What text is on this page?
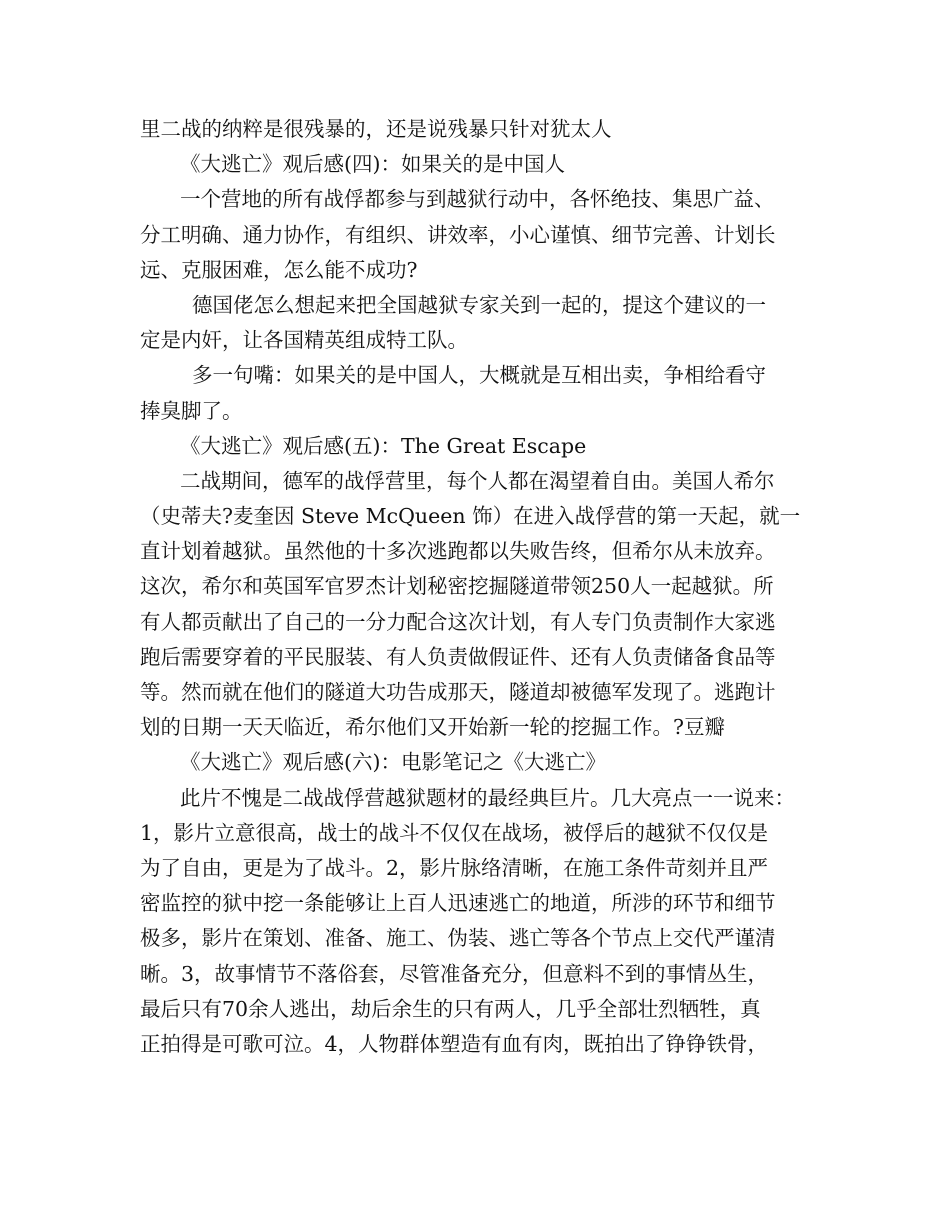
里二战的纳粹是很残暴的，还是说残暴只针对犹太人
《大逃亡》观后感(四)：如果关的是中国人
一个营地的所有战俘都参与到越狱行动中，各怀绝技、集思广益、
分工明确、通力协作，有组织、讲效率，小心谨慎、细节完善、计划长
远、克服困难，怎么能不成功?
德国佬怎么想起来把全国越狱专家关到一起的，提这个建议的一
定是内奸，让各国精英组成特工队。
多一句嘴：如果关的是中国人，大概就是互相出卖，争相给看守
捧臭脚了。
《大逃亡》观后感(五)：The Great Escape
二战期间，德军的战俘营里，每个人都在渴望着自由。美国人希尔
（史蒂夫?麦奎因 Steve McQueen 饰）在进入战俘营的第一天起，就一
直计划着越狱。虽然他的十多次逃跑都以失败告终，但希尔从未放弃。
这次，希尔和英国军官罗杰计划秘密挖掘隧道带领250人一起越狱。所
有人都贡献出了自己的一分力配合这次计划，有人专门负责制作大家逃
跑后需要穿着的平民服装、有人负责做假证件、还有人负责储备食品等
等。然而就在他们的隧道大功告成那天，隧道却被德军发现了。逃跑计
划的日期一天天临近，希尔他们又开始新一轮的挖掘工作。?豆瓣
《大逃亡》观后感(六)：电影笔记之《大逃亡》
此片不愧是二战战俘营越狱题材的最经典巨片。几大亮点一一说来：
1，影片立意很高，战士的战斗不仅仅在战场，被俘后的越狱不仅仅是
为了自由，更是为了战斗。2，影片脉络清晰，在施工条件苛刻并且严
密监控的狱中挖一条能够让上百人迅速逃亡的地道，所涉的环节和细节
极多，影片在策划、准备、施工、伪装、逃亡等各个节点上交代严谨清
晰。3，故事情节不落俗套，尽管准备充分，但意料不到的事情丛生，
最后只有70余人逃出，劫后余生的只有两人，几乎全部壮烈牺牲，真
正拍得是可歌可泣。4，人物群体塑造有血有肉，既拍出了铮铮铁骨，
